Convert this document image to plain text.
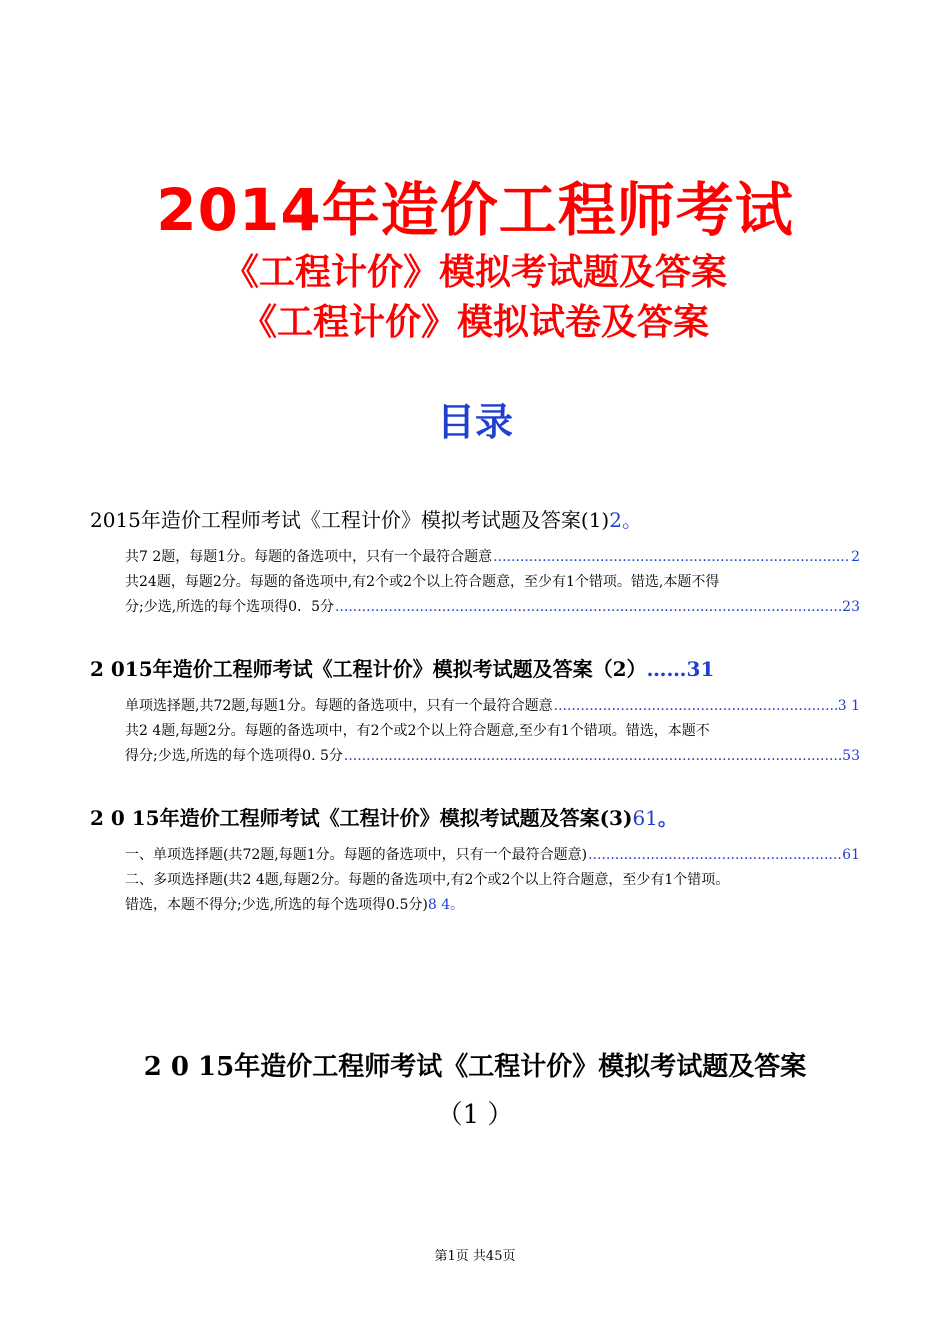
2014年造价工程师考试
《工程计价》模拟考试题及答案
《工程计价》模拟试卷及答案
目录
2015年造价工程师考试《工程计价》模拟考试题及答案(1)2。
共7 2题，每题1分。每题的备选项中，只有一个最符合题意 .....	2
共24题，每题2分。每题的备选项中,有2个或2个以上符合题意，至少有1个错项。错选,本题不得
分;少选,所选的每个选项得0．5分 .....	23
2 015年造价工程师考试《工程计价》模拟考试题及答案（2）……31
单项选择题,共72题,每题1分。每题的备选项中，只有一个最符合题意 .....	3 1
共2 4题,每题2分。每题的备选项中，有2个或2个以上符合题意,至少有1个错项。错选，本题不
得分;少选,所选的每个选项得0. 5分 .....	53
2 0 15年造价工程师考试《工程计价》模拟考试题及答案(3)61。
一、单项选择题(共72题,每题1分。每题的备选项中，只有一个最符合题意) .....	61
二、多项选择题(共2 4题,每题2分。每题的备选项中,有2个或2个以上符合题意，至少有1个错项。
错选，本题不得分;少选,所选的每个选项得0.5分)8 4。
2 0 15年造价工程师考试《工程计价》模拟考试题及答案
（1 ）
第1页 共45页
